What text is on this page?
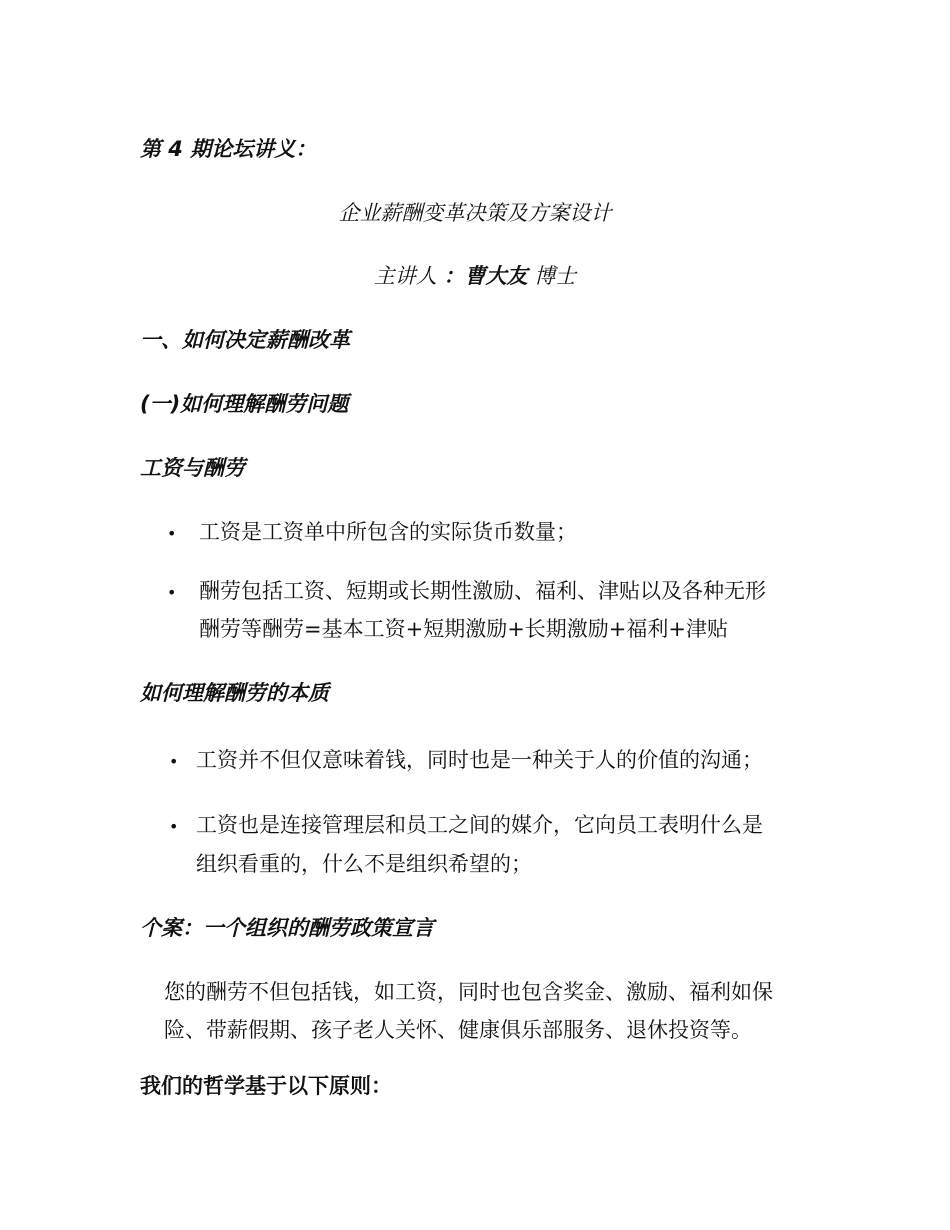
第 4 期论坛讲义：
企业薪酬变革决策及方案设计
主讲人 ：曹大友 博士
一、如何决定薪酬改革
(一)如何理解酬劳问题
工资与酬劳
• 工资是工资单中所包含的实际货币数量；
• 酬劳包括工资、短期或长期性激励、福利、津贴以及各种无形
酬劳等酬劳=基本工资+短期激励+长期激励+福利+津贴
如何理解酬劳的本质
• 工资并不但仅意味着钱，同时也是一种关于人的价值的沟通；
• 工资也是连接管理层和员工之间的媒介，它向员工表明什么是
组织看重的，什么不是组织希望的；
个案：一个组织的酬劳政策宣言
您的酬劳不但包括钱，如工资，同时也包含奖金、激励、福利如保
险、带薪假期、孩子老人关怀、健康俱乐部服务、退休投资等。
我们的哲学基于以下原则：
